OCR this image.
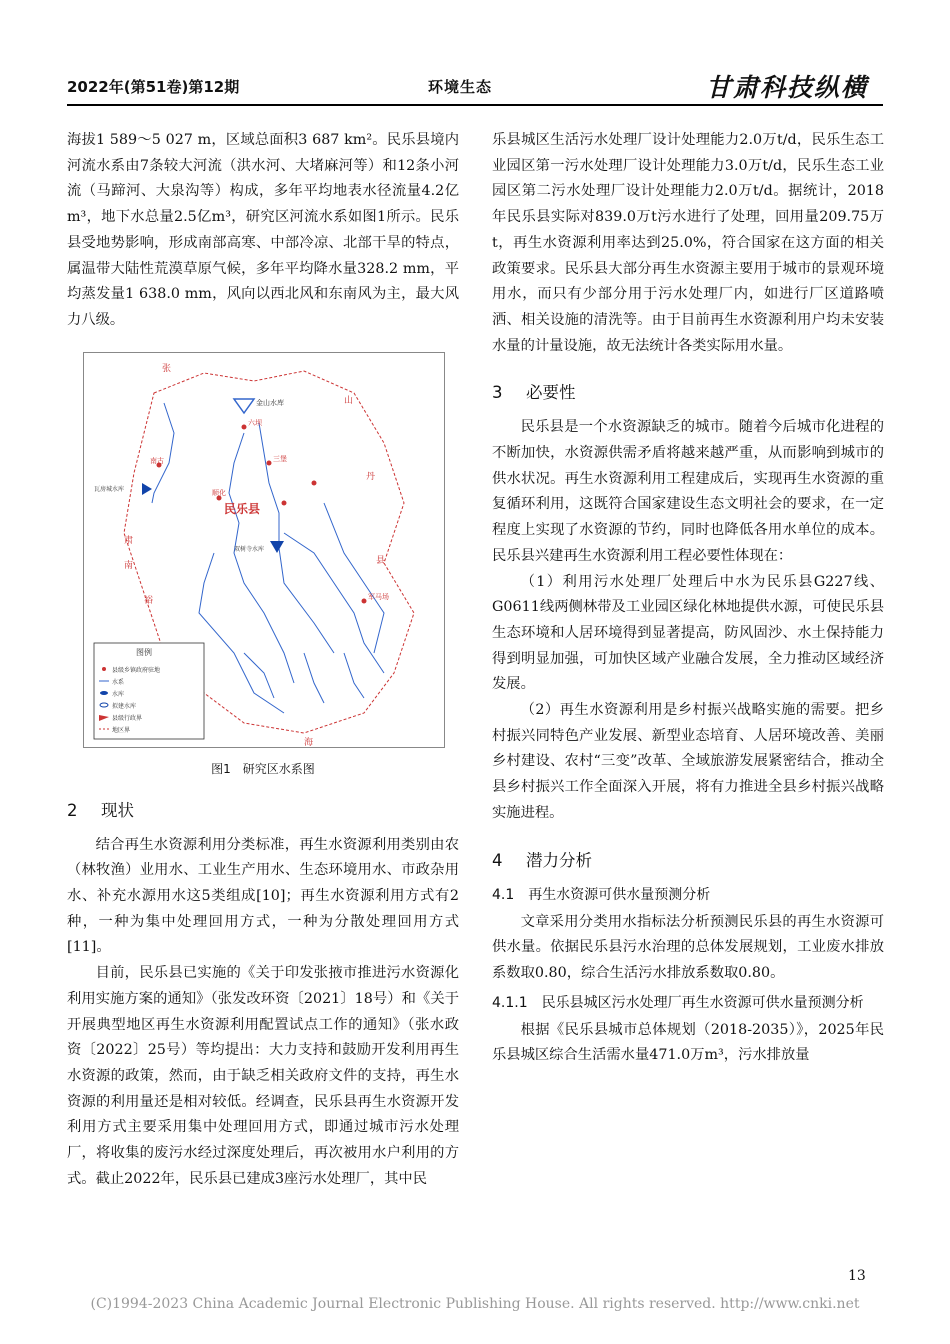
2022年(第51卷)第12期	环境生态	甘肃科技纵横

海拔1 589～5 027 m，区域总面积3 687 km²。民乐县境内河流水系由7条较大河流（洪水河、大堵麻河等）和12条小河流（马蹄河、大泉沟等）构成，多年平均地表水径流量4.2亿m³，地下水总量2.5亿m³，研究区河流水系如图1所示。民乐县受地势影响，形成南部高寒、中部冷凉、北部干旱的特点，属温带大陆性荒漠草原气候，多年平均降水量328.2 mm，平均蒸发量1 638.0 mm，风向以西北风和东南风为主，最大风力八级。

张
金山水库
六坝
三堡
民乐县
双树寺水库
瓦房城水库
南古
顺化
军马场
山
丹
县
肃
南
裕
海
图例
县级乡镇政府驻地
水系
水库
拟建水库
县级行政界
地区界
图1　研究区水系图
2 现状

结合再生水资源利用分类标准，再生水资源利用类别由农（林牧渔）业用水、工业生产用水、生态环境用水、市政杂用水、补充水源用水这5类组成[10]；再生水资源利用方式有2种，一种为集中处理回用方式，一种为分散处理回用方式[11]。

目前，民乐县已实施的《关于印发张掖市推进污水资源化利用实施方案的通知》（张发改环资〔2021〕18号）和《关于开展典型地区再生水资源利用配置试点工作的通知》（张水政资〔2022〕25号）等均提出：大力支持和鼓励开发利用再生水资源的政策，然而，由于缺乏相关政府文件的支持，再生水资源的利用量还是相对较低。经调查，民乐县再生水资源开发利用方式主要采用集中处理回用方式，即通过城市污水处理厂，将收集的废污水经过深度处理后，再次被用水户利用的方式。截止2022年，民乐县已建成3座污水处理厂，其中民

乐县城区生活污水处理厂设计处理能力2.0万t/d，民乐生态工业园区第一污水处理厂设计处理能力3.0万t/d，民乐生态工业园区第二污水处理厂设计处理能力2.0万t/d。据统计，2018年民乐县实际对839.0万t污水进行了处理，回用量209.75万t，再生水资源利用率达到25.0%，符合国家在这方面的相关政策要求。民乐县大部分再生水资源主要用于城市的景观环境用水，而只有少部分用于污水处理厂内，如进行厂区道路喷洒、相关设施的清洗等。由于目前再生水资源利用户均未安装水量的计量设施，故无法统计各类实际用水量。

3 必要性

民乐县是一个水资源缺乏的城市。随着今后城市化进程的不断加快，水资源供需矛盾将越来越严重，从而影响到城市的供水状况。再生水资源利用工程建成后，实现再生水资源的重复循环利用，这既符合国家建设生态文明社会的要求，在一定程度上实现了水资源的节约，同时也降低各用水单位的成本。民乐县兴建再生水资源利用工程必要性体现在：

（1）利用污水处理厂处理后中水为民乐县G227线、G0611线两侧林带及工业园区绿化林地提供水源，可使民乐县生态环境和人居环境得到显著提高，防风固沙、水土保持能力得到明显加强，可加快区域产业融合发展，全力推动区域经济发展。

（2）再生水资源利用是乡村振兴战略实施的需要。把乡村振兴同特色产业发展、新型业态培育、人居环境改善、美丽乡村建设、农村“三变”改革、全域旅游发展紧密结合，推动全县乡村振兴工作全面深入开展，将有力推进全县乡村振兴战略实施进程。

4 潜力分析
4.1　再生水资源可供水量预测分析

文章采用分类用水指标法分析预测民乐县的再生水资源可供水量。依据民乐县污水治理的总体发展规划，工业废水排放系数取0.80，综合生活污水排放系数取0.80。

4.1.1　民乐县城区污水处理厂再生水资源可供水量预测分析

根据《民乐县城市总体规划（2018-2035）》，2025年民乐县城区综合生活需水量471.0万m³，污水排放量

13
(C)1994-2023 China Academic Journal Electronic Publishing House. All rights reserved. http://www.cnki.net
